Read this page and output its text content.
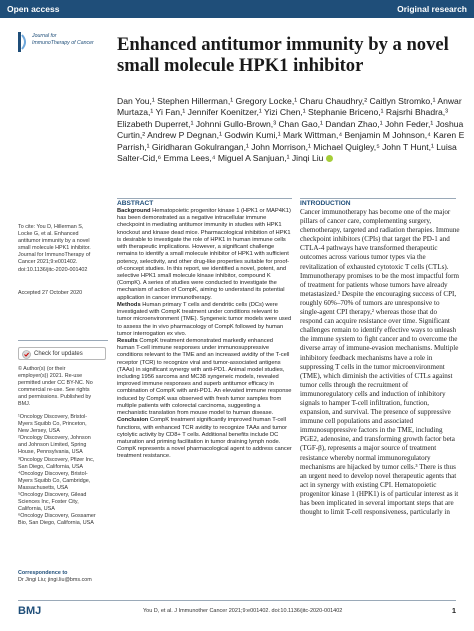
Open access	Original research
Journal for
ImmunoTherapy of Cancer	Enhanced antitumor immunity by a novel small molecule HPK1 inhibitor
Dan You,¹ Stephen Hillerman,¹ Gregory Locke,¹ Charu Chaudhry,² Caitlyn Stromko,¹ Anwar Murtaza,¹ Yi Fan,¹ Jennifer Koenitzer,¹ Yizi Chen,¹ Stephanie Briceno,¹ Rajsrhi Bhadra,³ Elizabeth Duperret,¹ Johnni Gullo-Brown,³ Chan Gao,¹ Dandan Zhao,¹ John Feder,¹ Joshua Curtin,² Andrew P Degnan,¹ Godwin Kumi,¹ Mark Wittman,⁴ Benjamin M Johnson,⁴ Karen E Parrish,¹ Giridharan Gokulrangan,¹ John Morrison,¹ Michael Quigley,⁵ John T Hunt,¹ Luisa Salter-Cid,⁶ Emma Lees,⁴ Miguel A Sanjuan,¹ Jinqi Liu
To cite: You D, Hillerman S,
Locke G, et al. Enhanced
antitumor immunity by a novel
small molecule HPK1 inhibitor.
Journal for ImmunoTherapy of
Cancer 2021;9:e001402.
doi:10.1136/jitc-2020-001402
Accepted 27 October 2020
Check for updates
© Author(s) (or their
employer(s)) 2021. Re-use
permitted under CC BY-NC. No
commercial re-use. See rights
and permissions. Published by
BMJ.
¹Oncology Discovery, Bristol-
Myers Squibb Co, Princeton,
New Jersey, USA
²Oncology Discovery, Johnson
and Johnson Limited, Spring
House, Pennsylvania, USA
³Oncology Discovery, Pfizer Inc,
San Diego, California, USA
⁴Oncology Discovery, Bristol-
Myers Squibb Co, Cambridge,
Massachusetts, USA
⁵Oncology Discovery, Gilead
Sciences Inc, Foster City,
California, USA
⁶Oncology Discovery, Gossamer
Bio, San Diego, California, USA
Correspondence to
Dr Jingi Liu; jingi.liu@bms.com
ABSTRACT
Background Hematopoietic progenitor kinase 1 (HPK1 or MAP4K1) has been demonstrated as a negative intracellular immune checkpoint in mediating antitumor immunity in studies with HPK1 knockout and kinase dead mice. Pharmacological inhibition of HPK1 is desirable to investigate the role of HPK1 in human immune cells with therapeutic implications. However, a significant challenge remains to identify a small molecule inhibitor of HPK1 with sufficient potency, selectivity, and other drug-like properties suitable for proof-of-concept studies. In this report, we identified a novel, potent, and selective HPK1 small molecule kinase inhibitor, compound K (CompK). A series of studies were conducted to investigate the mechanism of action of CompK, aiming to understand its potential application in cancer immunotherapy.
Methods Human primary T cells and dendritic cells (DCs) were investigated with CompK treatment under conditions relevant to tumor microenvironment (TME). Syngeneic tumor models were used to assess the in vivo pharmacology of CompK followed by human tumor interrogation ex vivo.
Results CompK treatment demonstrated markedly enhanced human T-cell immune responses under immunosuppressive conditions relevant to the TME and an increased avidity of the T-cell receptor (TCR) to recognize viral and tumor-associated antigens (TAAs) in significant synergy with anti-PD1. Animal model studies, including 1956 sarcoma and MC38 syngeneic models, revealed improved immune responses and superb antitumor efficacy in combination of CompK with anti-PD1. An elevated immune response induced by CompK was observed with fresh tumor samples from multiple patients with colorectal carcinoma, suggesting a mechanistic translation from mouse model to human disease.
Conclusion CompK treatment significantly improved human T-cell functions, with enhanced TCR avidity to recognize TAAs and tumor cytolytic activity by CD8+ T cells. Additional benefits include DC maturation and priming facilitation in tumor draining lymph node. CompK represents a novel pharmacological agent to address cancer treatment resistance.
INTRODUCTION
Cancer immunotherapy has become one of the major pillars of cancer care, complementing surgery, chemotherapy, targeted and radiation therapies. Immune checkpoint inhibitors (CPIs) that target the PD-1 and CTLA-4 pathways have transformed therapeutic outcomes across various tumor types via the revitalization of exhausted cytotoxic T cells (CTLs). Immunotherapy promises to be the most impactful form of treatment for patients whose tumors have already metastasized.¹ Despite the encouraging success of CPI, roughly 60%–70% of tumors are unresponsive to single-agent CPI therapy,² whereas those that do respond can acquire resistance over time. Significant challenges remain to identify effective ways to unleash the immune system to fight cancer and to overcome the diverse array of immune-evasion mechanisms. Multiple inhibitory feedback mechanisms have a role in suppressing T cells in the tumor microenvironment (TME), which diminish the activities of CTLs against tumor cells through the recruitment of immunoregulatory cells and induction of inhibitory signals to hamper T-cell infiltration, function, expansion, and survival. The presence of suppressive immune cell populations and associated immunosuppressive factors in the TME, including PGE2, adenosine, and transforming growth factor beta (TGF-β), represents a major source of treatment resistance whereby normal immunoregulatory mechanisms are hijacked by tumor cells.³ There is thus an urgent need to develop novel therapeutic agents that act in synergy with existing CPI. Hematopoietic progenitor kinase 1 (HPK1) is of particular interest as it has been implicated in several important steps that are thought to limit T-cell responsiveness, particularly in
BMJ	You D, et al. J Immunother Cancer 2021;9:e001402. doi:10.1136/jitc-2020-001402	1
